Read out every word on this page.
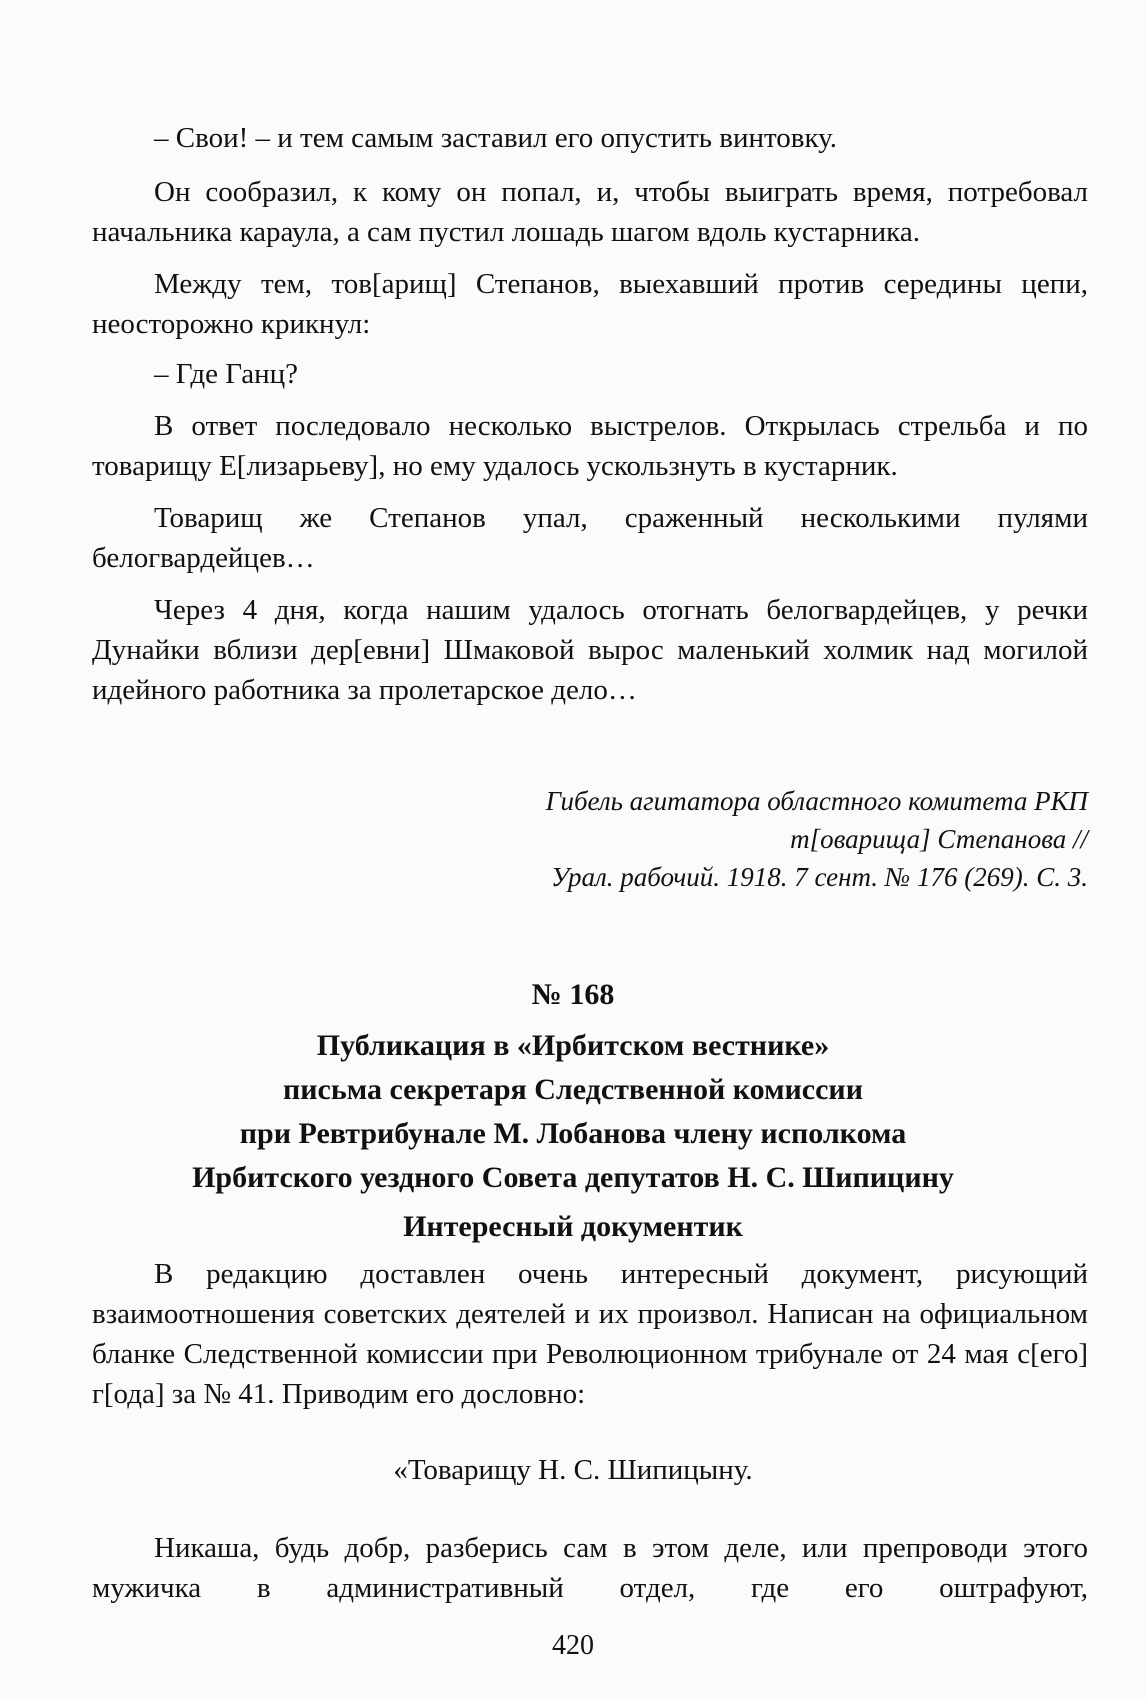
– Свои! – и тем самым заставил его опустить винтовку.

Он сообразил, к кому он попал, и, чтобы выиграть время, потребовал начальника караула, а сам пустил лошадь шагом вдоль кустарника.

Между тем, тов[арищ] Степанов, выехавший против середины цепи, неосторожно крикнул:

– Где Ганц?

В ответ последовало несколько выстрелов. Открылась стрельба и по товарищу Е[лизарьеву], но ему удалось ускользнуть в кустарник.

Товарищ же Степанов упал, сраженный несколькими пулями белогвардейцев…

Через 4 дня, когда нашим удалось отогнать белогвардейцев, у речки Дунайки вблизи дер[евни] Шмаковой вырос маленький холмик над могилой идейного работника за пролетарское дело…

Гибель агитатора областного комитета РКП
т[оварища] Степанова //
Урал. рабочий. 1918. 7 сент. № 176 (269). С. 3.
№ 168
Публикация в «Ирбитском вестнике»
письма секретаря Следственной комиссии
при Ревтрибунале М. Лобанова члену исполкома
Ирбитского уездного Совета депутатов Н. С. Шипицину
Интересный документик

В редакцию доставлен очень интересный документ, рисующий взаимоотношения советских деятелей и их произвол. Написан на официальном бланке Следственной комиссии при Революционном трибунале от 24 мая с[его] г[ода] за № 41. Приводим его дословно:

«Товарищу Н. С. Шипицыну.

Никаша, будь добр, разберись сам в этом деле, или препроводи этого мужичка в административный отдел, где его оштрафуют,

420
